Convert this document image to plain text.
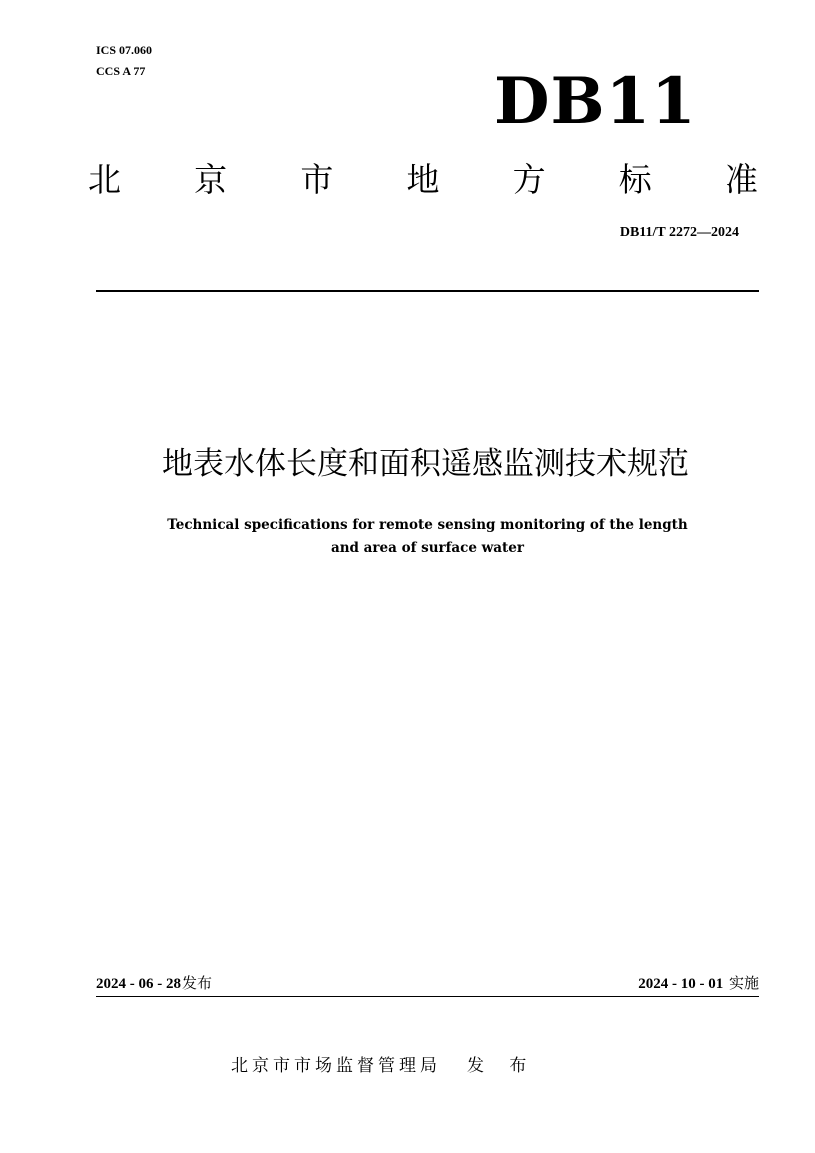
ICS 07.060
CCS A 77	DB11
北 京 市 地 方 标 准
DB11/T 2272—2024
地表水体长度和面积遥感监测技术规范
Technical specifications for remote sensing monitoring of the length
and area of surface water
2024 - 06 - 28发布	2024 - 10 - 01 实施
北京市市场监督管理局 发 布
